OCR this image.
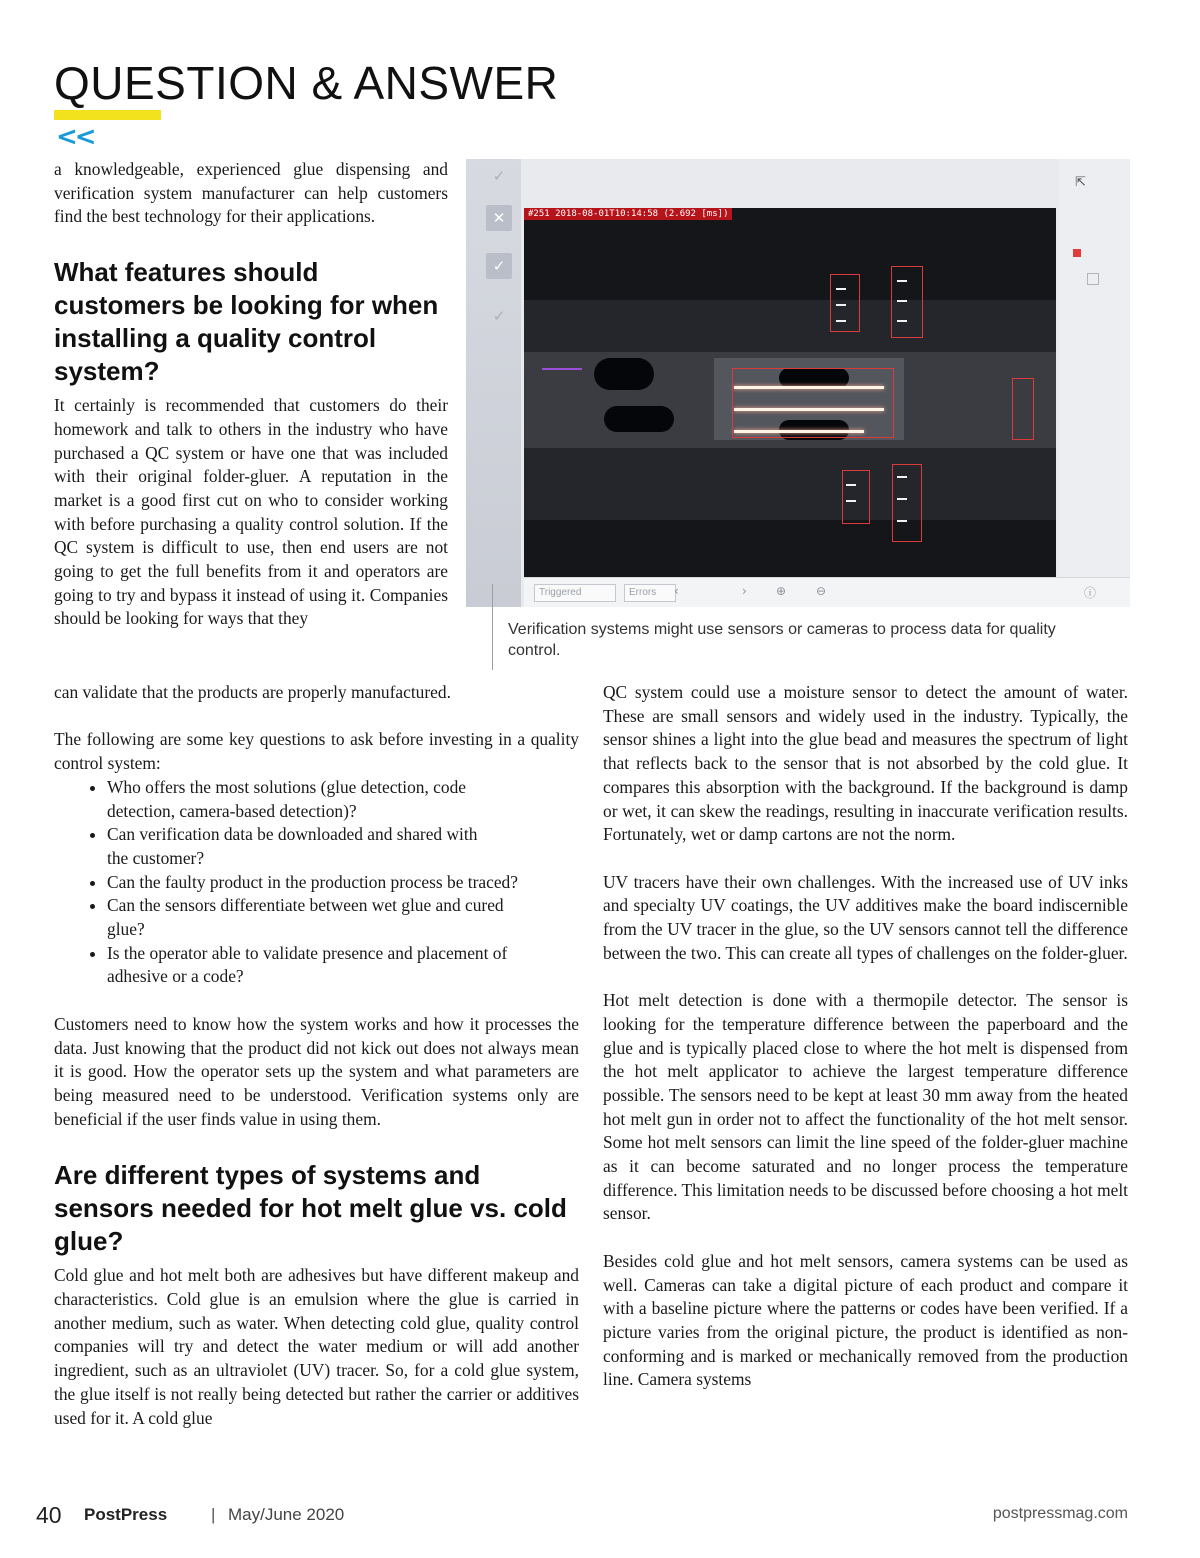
QUESTION & ANSWER
<<

a knowledgeable, experienced glue dispensing and verification system manufacturer can help customers find the best technology for their applications.

What features should customers be looking for when installing a quality control system?

It certainly is recommended that customers do their homework and talk to others in the industry who have purchased a QC system or have one that was included with their original folder-gluer. A reputation in the market is a good first cut on who to consider working with before purchasing a quality control solution. If the QC system is difficult to use, then end users are not going to get the full benefits from it and operators are going to try and bypass it instead of using it. Companies should be looking for ways that they

can validate that the products are properly manufactured.

The following are some key questions to ask before investing in a quality control system:

• Who offers the most solutions (glue detection, code detection, camera-based detection)?
• Can verification data be downloaded and shared with the customer?
• Can the faulty product in the production process be traced?
• Can the sensors differentiate between wet glue and cured glue?
• Is the operator able to validate presence and placement of adhesive or a code?

Customers need to know how the system works and how it processes the data. Just knowing that the product did not kick out does not always mean it is good. How the operator sets up the system and what parameters are being measured need to be understood. Verification systems only are beneficial if the user finds value in using them.

Are different types of systems and sensors needed for hot melt glue vs. cold glue?

Cold glue and hot melt both are adhesives but have different makeup and characteristics. Cold glue is an emulsion where the glue is carried in another medium, such as water. When detecting cold glue, quality control companies will try and detect the water medium or will add another ingredient, such as an ultraviolet (UV) tracer. So, for a cold glue system, the glue itself is not really being detected but rather the carrier or additives used for it. A cold glue

QC system could use a moisture sensor to detect the amount of water. These are small sensors and widely used in the industry. Typically, the sensor shines a light into the glue bead and measures the spectrum of light that reflects back to the sensor that is not absorbed by the cold glue. It compares this absorption with the background. If the background is damp or wet, it can skew the readings, resulting in inaccurate verification results. Fortunately, wet or damp cartons are not the norm.

UV tracers have their own challenges. With the increased use of UV inks and specialty UV coatings, the UV additives make the board indiscernible from the UV tracer in the glue, so the UV sensors cannot tell the difference between the two. This can create all types of challenges on the folder-gluer.

Hot melt detection is done with a thermopile detector. The sensor is looking for the temperature difference between the paperboard and the glue and is typically placed close to where the hot melt is dispensed from the hot melt applicator to achieve the largest temperature difference possible. The sensors need to be kept at least 30 mm away from the heated hot melt gun in order not to affect the functionality of the hot melt sensor. Some hot melt sensors can limit the line speed of the folder-gluer machine as it can become saturated and no longer process the temperature difference. This limitation needs to be discussed before choosing a hot melt sensor.

Besides cold glue and hot melt sensors, camera systems can be used as well. Cameras can take a digital picture of each product and compare it with a baseline picture where the patterns or codes have been verified. If a picture varies from the original picture, the product is identified as non-conforming and is marked or mechanically removed from the production line. Camera systems

✓
✕
✓
✓
⇱
#251 2018-08-01T10:14:58 (2.692 [ms])
Triggered	Errors	‹	› ⊕ ⊖	ⓘ

Verification systems might use sensors or cameras to process data for quality control.

40 PostPress	| May/June 2020	postpressmag.com
